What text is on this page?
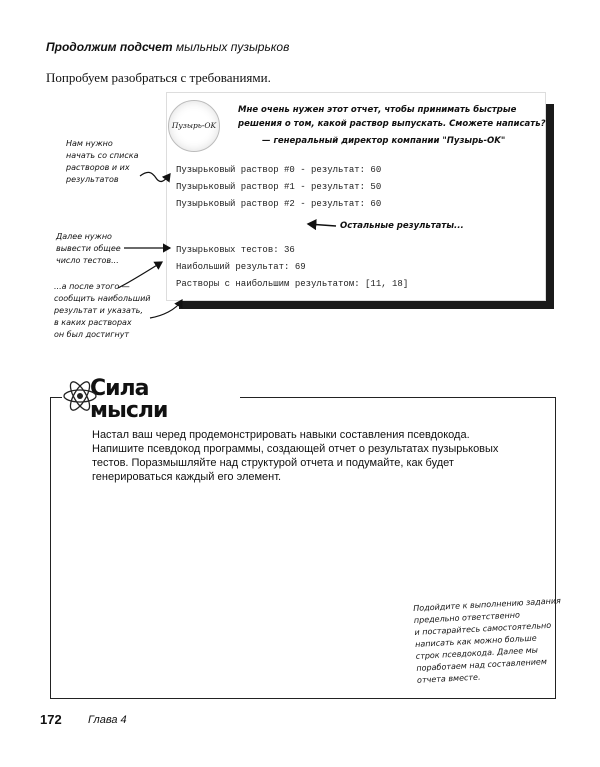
Продолжим подсчет мыльных пузырьков
Попробуем разобраться с требованиями.
Пузырь-OK
Мне очень нужен этот отчет, чтобы принимать быстрые
решения о том, какой раствор выпускать. Сможете написать?
— генеральный директор компании "Пузырь-OK"
Пузырьковый раствор #0 - результат: 60
Пузырьковый раствор #1 - результат: 50
Пузырьковый раствор #2 - результат: 60
Остальные результаты...
Пузырьковых тестов: 36
Наибольший результат: 69
Растворы с наибольшим результатом: [11, 18]
Нам нужно
начать со списка
растворов и их
результатов
Далее нужно
вывести общее
число тестов...
...а после этого —
сообщить наибольший
результат и указать,
в каких растворах
он был достигнут
Сила
мысли
Настал ваш черед продемонстрировать навыки составления псевдокода. Напишите псевдокод программы, создающей отчет о результатах пузырьковых тестов. Поразмышляйте над структурой отчета и подумайте, как будет генерироваться каждый его элемент.
Подойдите к выполнению задания
предельно ответственно
и постарайтесь самостоятельно
написать как можно больше
строк псевдокода. Далее мы
поработаем над составлением
отчета вместе.
172 Глава 4
